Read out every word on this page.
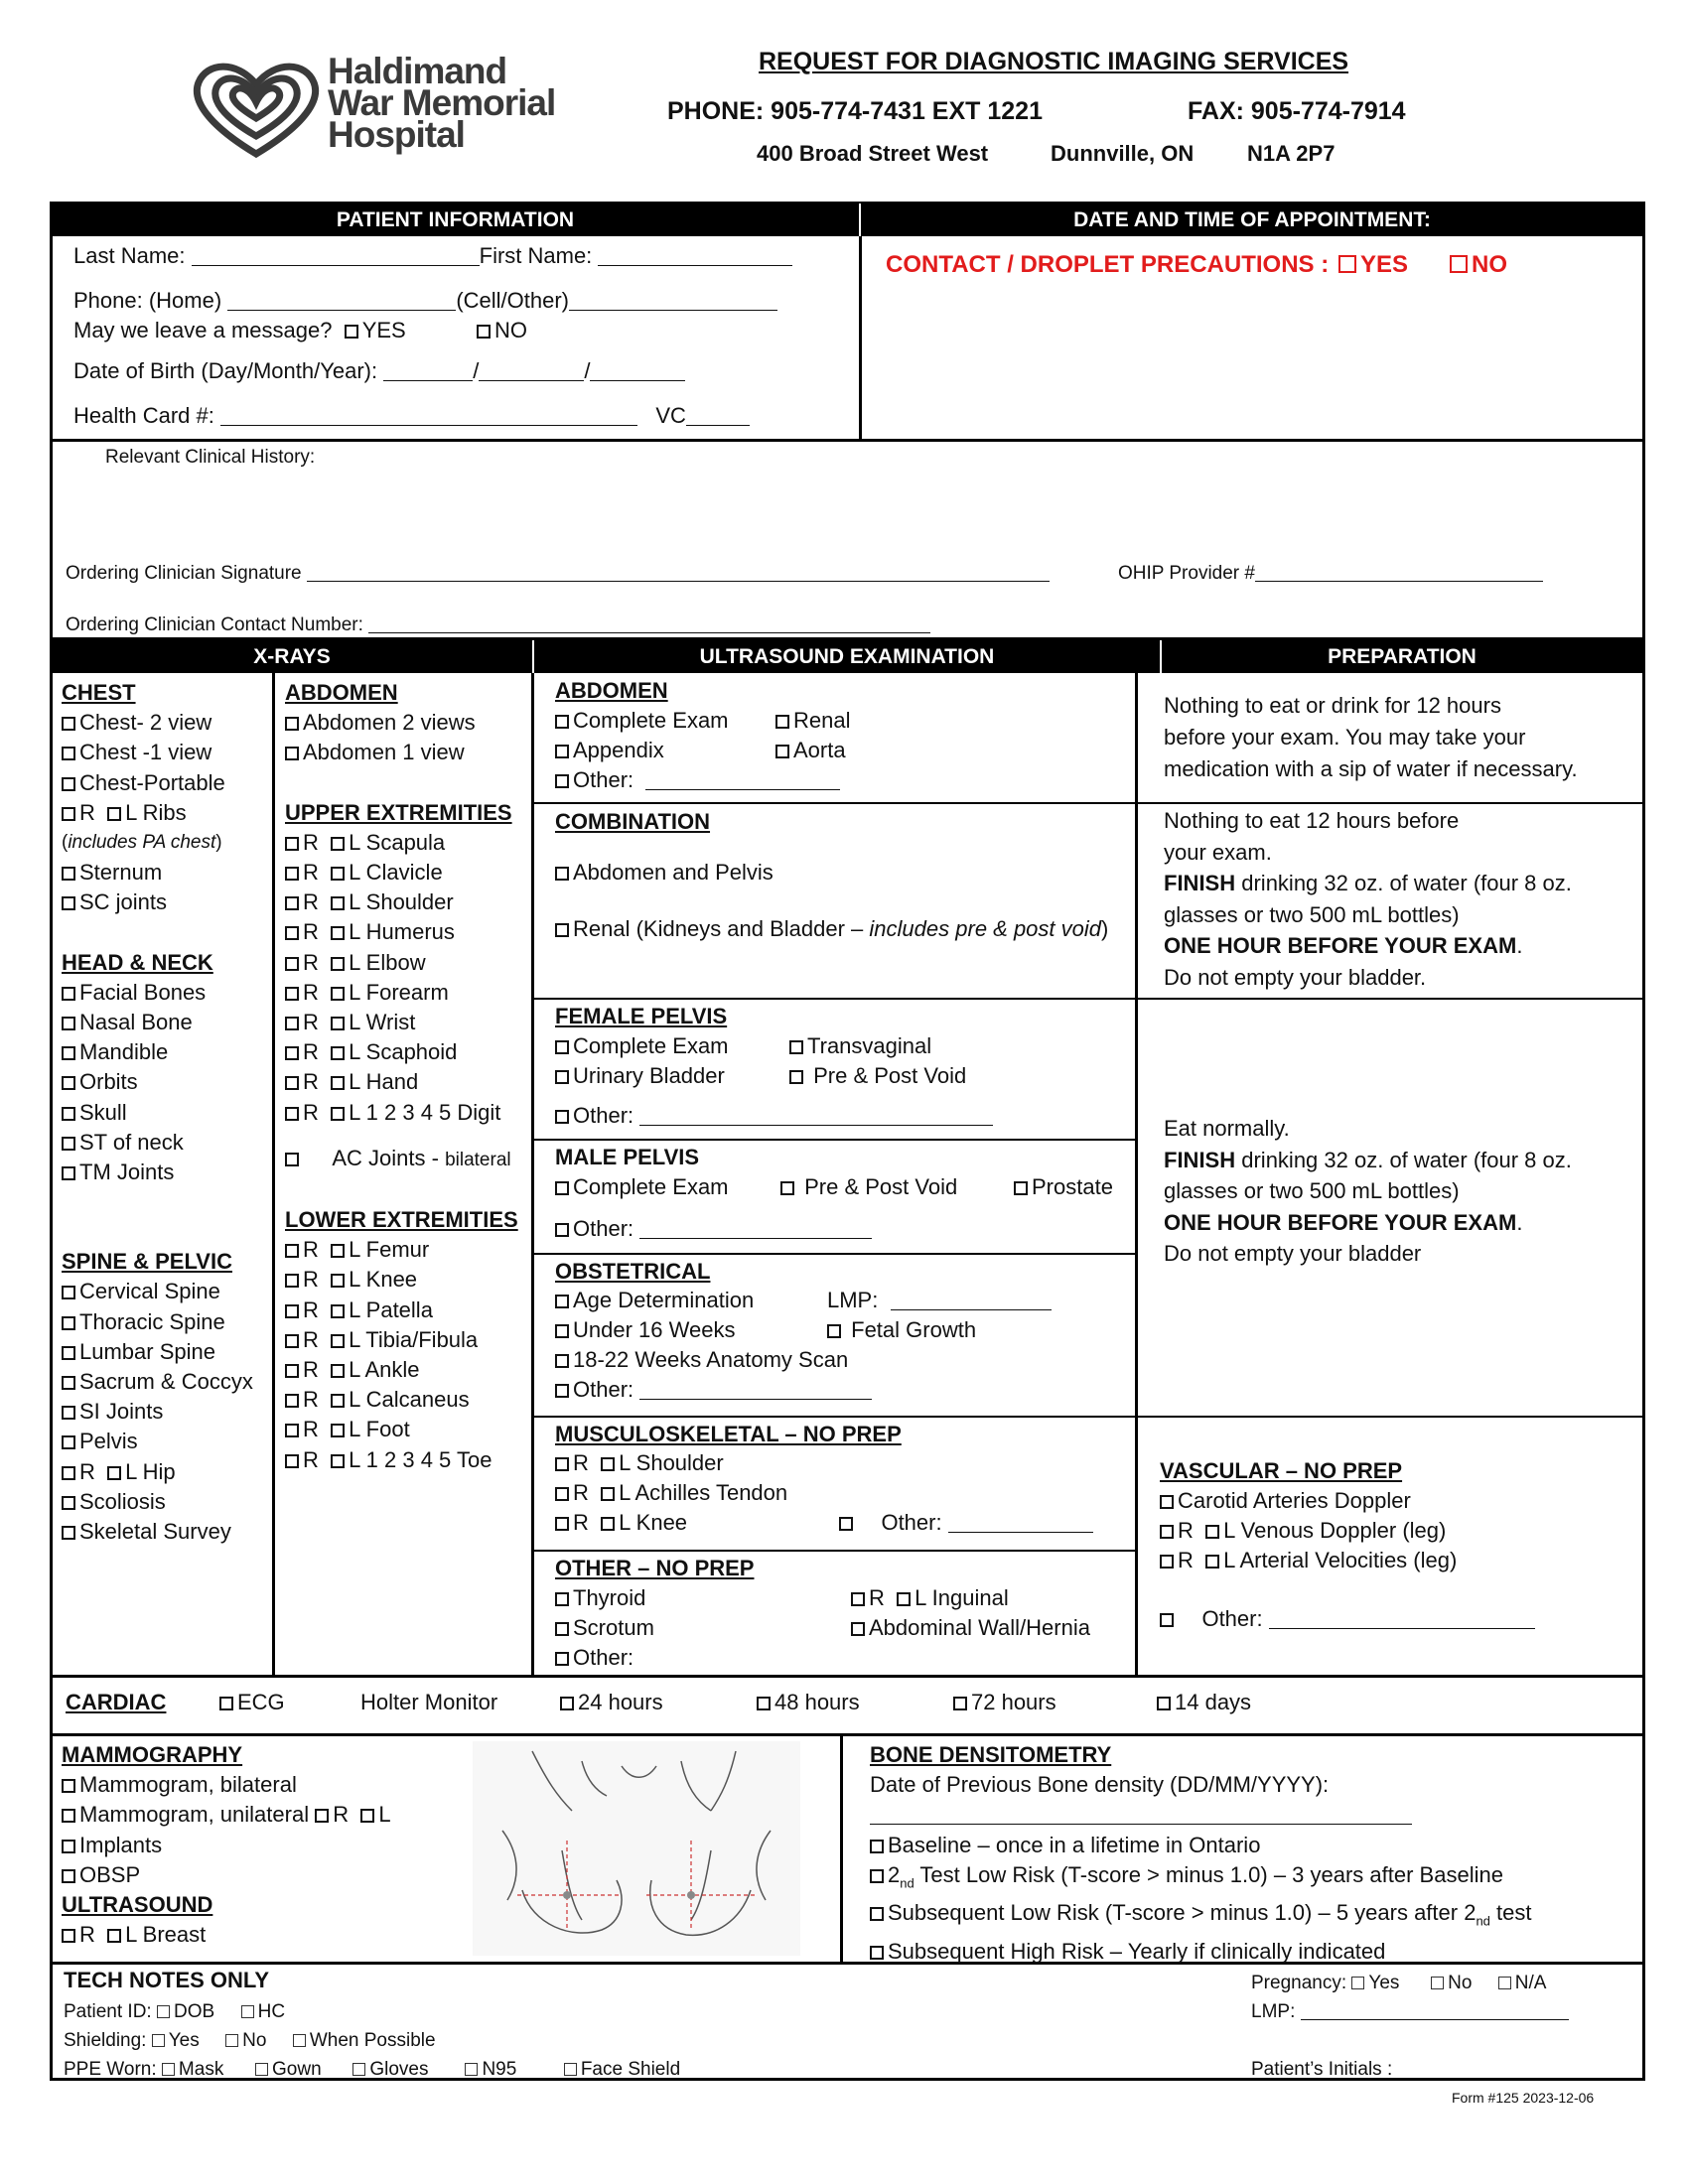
Haldimand
War Memorial
Hospital
REQUEST FOR DIAGNOSTIC IMAGING SERVICES
PHONE: 905-774-7431 EXT 1221	FAX: 905-774-7914
400 Broad Street West	Dunnville, ON N1A 2P7
PATIENT INFORMATION	DATE AND TIME OF APPOINTMENT:
X-RAYS	ULTRASOUND EXAMINATION	PREPARATION
Last Name:	First Name:
Phone: (Home)	(Cell/Other)
May we leave a message? YES	NO
Date of Birth (Day/Month/Year):	/	/
Health Card #:	VC
CONTACT / DROPLET PRECAUTIONS :	YES	NO
Relevant Clinical History:
Ordering Clinician Signature	OHIP Provider #
Ordering Clinician Contact Number:
CHEST
Chest- 2 view
Chest -1 view
Chest-Portable
R L Ribs
(includes PA chest)
Sternum
SC joints
HEAD & NECK
Facial Bones
Nasal Bone
Mandible
Orbits
Skull
ST of neck
TM Joints
SPINE & PELVIC
Cervical Spine
Thoracic Spine
Lumbar Spine
Sacrum & Coccyx
SI Joints
Pelvis
R L Hip
Scoliosis
Skeletal Survey
ABDOMEN
Abdomen 2 views
Abdomen 1 view
UPPER EXTREMITIES
R L Scapula
R L Clavicle
R L Shoulder
R L Humerus
R L Elbow
R L Forearm
R L Wrist
R L Scaphoid
R L Hand
R L 1 2 3 4 5 Digit
AC Joints - bilateral
LOWER EXTREMITIES
R L Femur
R L Knee
R L Patella
R L Tibia/Fibula
R L Ankle
R L Calcaneus
R L Foot
R L 1 2 3 4 5 Toe
ABDOMEN
Complete Exam	Renal
Appendix	Aorta
Other:
COMBINATION
Abdomen and Pelvis
Renal (Kidneys and Bladder – includes pre & post void)
FEMALE PELVIS
Complete Exam	Transvaginal
Urinary Bladder	Pre & Post Void
Other:
MALE PELVIS
Complete Exam	Pre & Post Void	Prostate
Other:
OBSTETRICAL
Age Determination	LMP:
Under 16 Weeks	Fetal Growth
18-22 Weeks Anatomy Scan
Other:
MUSCULOSKELETAL – NO PREP
R L Shoulder
R L Achilles Tendon
R L Knee	Other:
OTHER – NO PREP
Thyroid	R L Inguinal
Scrotum	Abdominal Wall/Hernia
Other:
Nothing to eat or drink for 12 hours
before your exam. You may take your
medication with a sip of water if necessary.
Nothing to eat 12 hours before
your exam.
FINISH drinking 32 oz. of water (four 8 oz.
glasses or two 500 mL bottles)
ONE HOUR BEFORE YOUR EXAM.
Do not empty your bladder.
Eat normally.
FINISH drinking 32 oz. of water (four 8 oz.
glasses or two 500 mL bottles)
ONE HOUR BEFORE YOUR EXAM.
Do not empty your bladder
VASCULAR – NO PREP
Carotid Arteries Doppler
R L Venous Doppler (leg)
R L Arterial Velocities (leg)
Other:
CARDIAC	ECG	Holter Monitor	24 hours	48 hours	72 hours	14 days
MAMMOGRAPHY
Mammogram, bilateral
Mammogram, unilateral R L
Implants
OBSP
ULTRASOUND
R L Breast
BONE DENSITOMETRY
Date of Previous Bone density (DD/MM/YYYY):
Baseline – once in a lifetime in Ontario
$2_{nd}$ Test Low Risk (T-score > minus 1.0) – 3 years after Baseline
Subsequent Low Risk (T-score > minus 1.0) – 5 years after $2_{nd}$ test
Subsequent High Risk – Yearly if clinically indicated
TECH NOTES ONLY
Patient ID: DOB HC
Shielding: Yes No When Possible
PPE Worn: Mask	Gown	Gloves	N95	Face Shield
Pregnancy: Yes	No N/A
LMP:
Patient’s Initials :
Form #125 2023-12-06
